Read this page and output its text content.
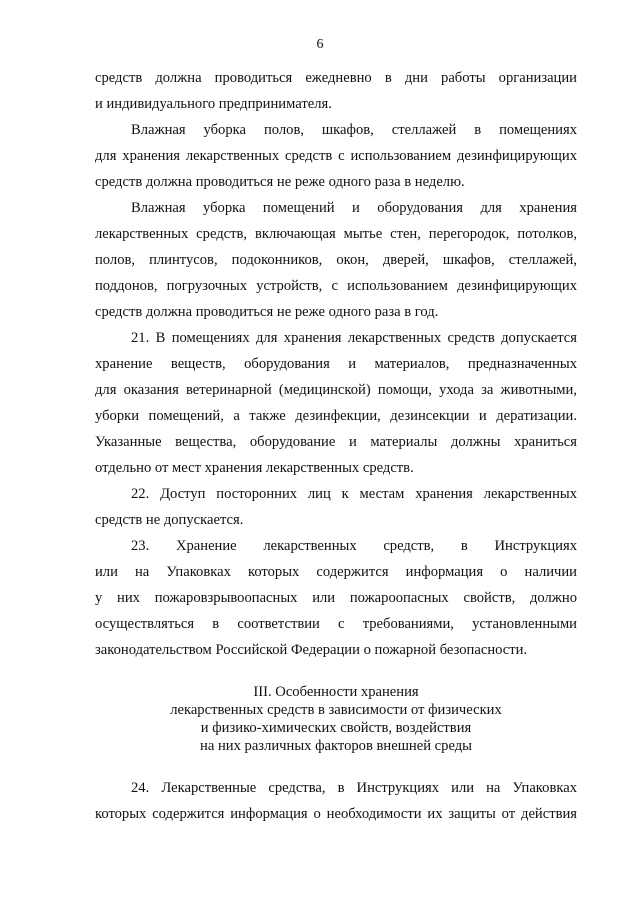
6
средств должна проводиться ежедневно в дни работы организации
и индивидуального предпринимателя.
Влажная уборка полов, шкафов, стеллажей в помещениях
для хранения лекарственных средств с использованием дезинфицирующих
средств должна проводиться не реже одного раза в неделю.
Влажная уборка помещений и оборудования для хранения
лекарственных средств, включающая мытье стен, перегородок, потолков,
полов, плинтусов, подоконников, окон, дверей, шкафов, стеллажей,
поддонов, погрузочных устройств, с использованием дезинфицирующих
средств должна проводиться не реже одного раза в год.
21. В помещениях для хранения лекарственных средств допускается
хранение веществ, оборудования и материалов, предназначенных
для оказания ветеринарной (медицинской) помощи, ухода за животными,
уборки помещений, а также дезинфекции, дезинсекции и дератизации.
Указанные вещества, оборудование и материалы должны храниться
отдельно от мест хранения лекарственных средств.
22. Доступ посторонних лиц к местам хранения лекарственных
средств не допускается.
23. Хранение лекарственных средств, в Инструкциях
или на Упаковках которых содержится информация о наличии
у них пожаровзрывоопасных или пожароопасных свойств, должно
осуществляться в соответствии с требованиями, установленными
законодательством Российской Федерации о пожарной безопасности.
III. Особенности хранения
лекарственных средств в зависимости от физических
и физико-химических свойств, воздействия
на них различных факторов внешней среды
24. Лекарственные средства, в Инструкциях или на Упаковках
которых содержится информация о необходимости их защиты от действия
